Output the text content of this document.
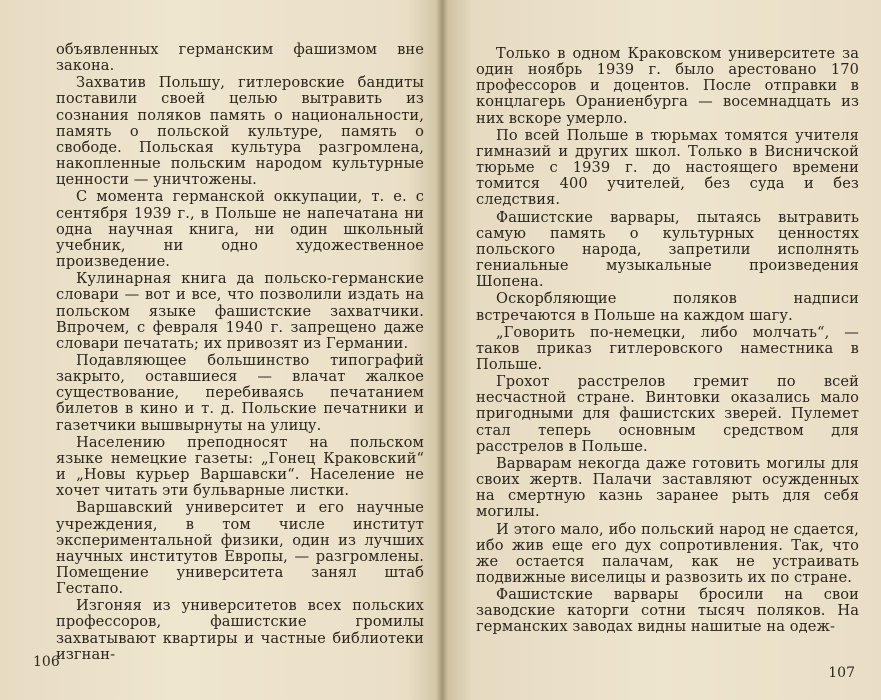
объявленных германским фашизмом вне закона.

Захватив Польшу, гитлеровские бандиты поставили своей целью вытравить из сознания поляков память о национальности, память о польской культуре, память о свободе. Польская культура разгромлена, накопленные польским народом культурные ценности — уничтожены.

С момента германской оккупации, т. е. с сентября 1939 г., в Польше не напечатана ни одна научная книга, ни один школьный учебник, ни одно художественное произведение.

Кулинарная книга да польско-германские словари — вот и все, что позволили издать на польском языке фашистские захватчики. Впрочем, с февраля 1940 г. запрещено даже словари печатать; их привозят из Германии.

Подавляющее большинство типографий закрыто, оставшиеся — влачат жалкое существование, перебиваясь печатанием билетов в кино и т. д. Польские печатники и газетчики вышвырнуты на улицу.

Населению преподносят на польском языке немецкие газеты: „Гонец Краковский“ и „Новы курьер Варшавски“. Население не хочет читать эти бульварные листки.

Варшавский университет и его научные учреждения, в том числе институт экспериментальной физики, один из лучших научных институтов Европы, — разгромлены. Помещение университета занял штаб Гестапо.

Изгоняя из университетов всех польских профессоров, фашистские громилы захватывают квартиры и частные библиотеки изгнан-

106

Только в одном Краковском университете за один ноябрь 1939 г. было арестовано 170 профессоров и доцентов. После отправки в концлагерь Ораниенбурга — восемнадцать из них вскоре умерло.

По всей Польше в тюрьмах томятся учителя гимназий и других школ. Только в Висничской тюрьме с 1939 г. до настоящего времени томится 400 учителей, без суда и без следствия.

Фашистские варвары, пытаясь вытравить самую память о культурных ценностях польского народа, запретили исполнять гениальные музыкальные произведения Шопена.

Оскорбляющие поляков надписи встречаются в Польше на каждом шагу.

„Говорить по-немецки, либо молчать“, — таков приказ гитлеровского наместника в Польше.

Грохот расстрелов гремит по всей несчастной стране. Винтовки оказались мало пригодными для фашистских зверей. Пулемет стал теперь основным средством для расстрелов в Польше.

Варварам некогда даже готовить могилы для своих жертв. Палачи заставляют осужденных на смертную казнь заранее рыть для себя могилы.

И этого мало, ибо польский народ не сдается, ибо жив еще его дух сопротивления. Так, что же остается палачам, как не устраивать подвижные виселицы и развозить их по стране.

Фашистские варвары бросили на свои заводские каторги сотни тысяч поляков. На германских заводах видны нашитые на одеж-

107
